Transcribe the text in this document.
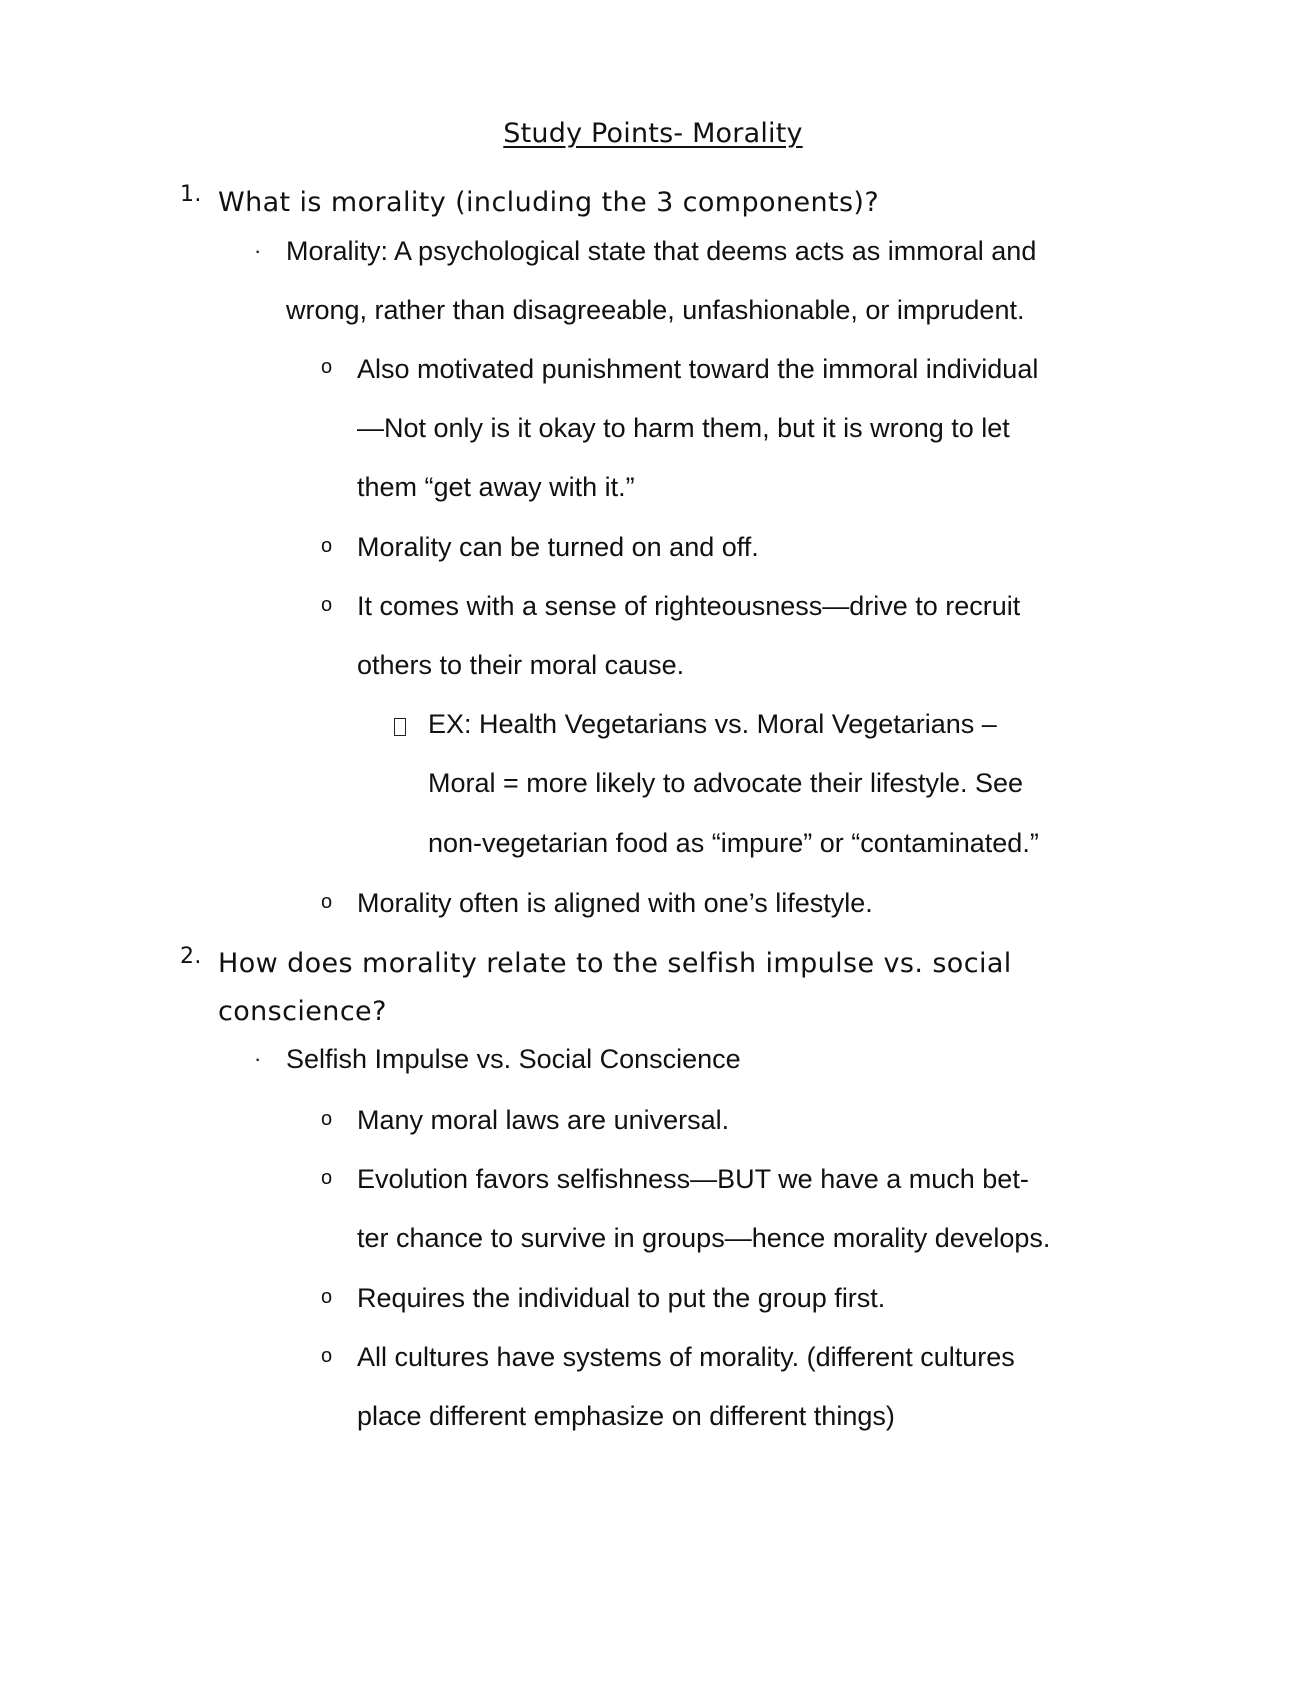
Study Points- Morality
1. What is morality (including the 3 components)?
· Morality: A psychological state that deems acts as immoral and
wrong, rather than disagreeable, unfashionable, or imprudent.
o Also motivated punishment toward the immoral individual
—Not only is it okay to harm them, but it is wrong to let
them “get away with it.”
o Morality can be turned on and off.
o It comes with a sense of righteousness—drive to recruit
others to their moral cause.
EX: Health Vegetarians vs. Moral Vegetarians –
Moral = more likely to advocate their lifestyle. See
non-vegetarian food as “impure” or “contaminated.”
o Morality often is aligned with one’s lifestyle.
2. How does morality relate to the selfish impulse vs. social
conscience?
· Selfish Impulse vs. Social Conscience
o Many moral laws are universal.
o Evolution favors selfishness—BUT we have a much bet-
ter chance to survive in groups—hence morality develops.
o Requires the individual to put the group first.
o All cultures have systems of morality. (different cultures
place different emphasize on different things)
